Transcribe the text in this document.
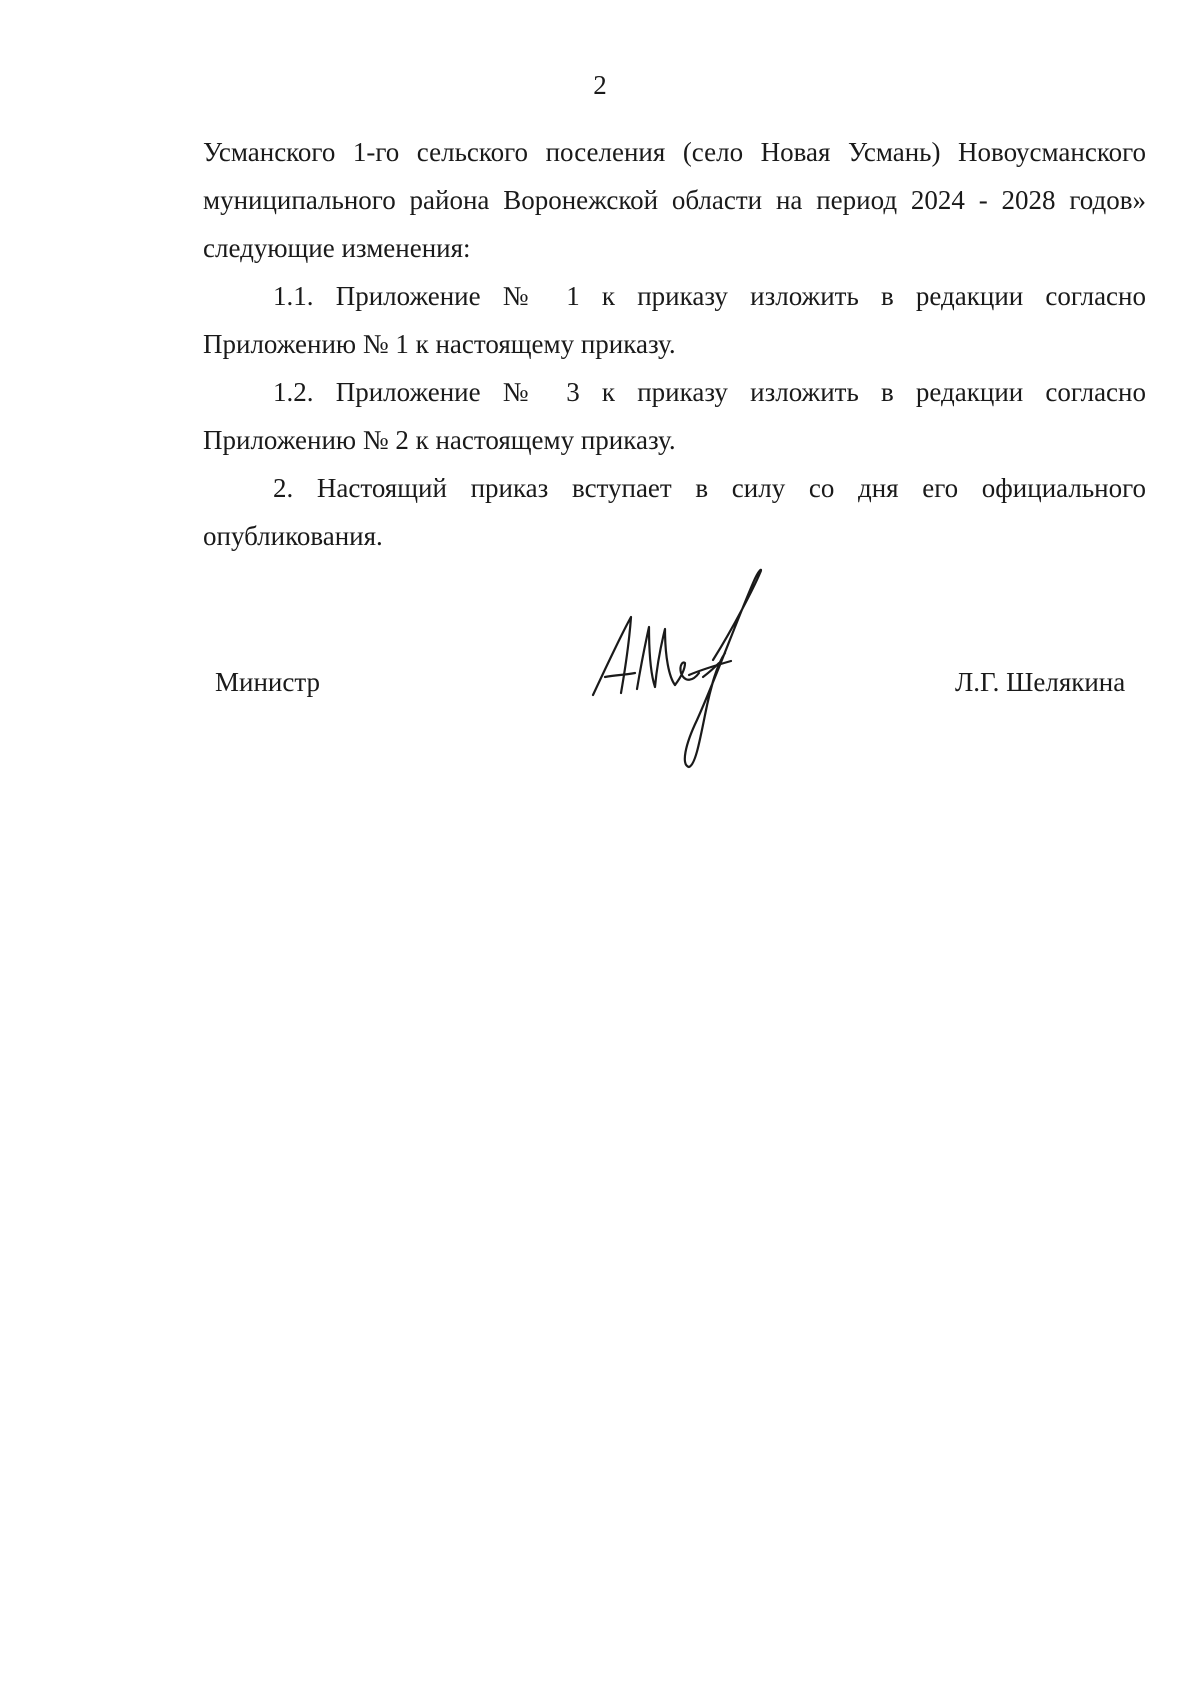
2

Усманского 1-го сельского поселения (село Новая Усмань) Новоусманского муниципального района Воронежской области на период 2024 - 2028 годов» следующие изменения:

1.1. Приложение № 1 к приказу изложить в редакции согласно Приложению № 1 к настоящему приказу.

1.2. Приложение № 3 к приказу изложить в редакции согласно Приложению № 2 к настоящему приказу.

2. Настоящий приказ вступает в силу со дня его официального опубликования.

Министр	Л.Г. Шелякина
